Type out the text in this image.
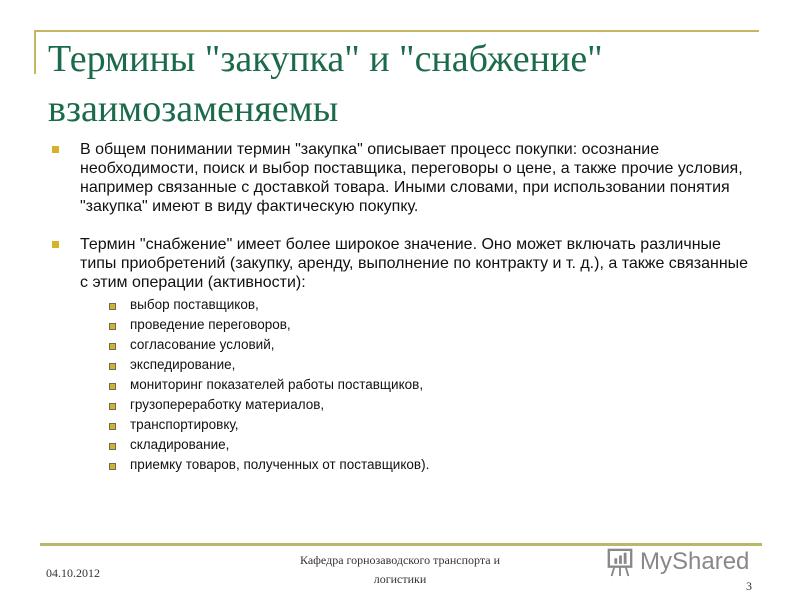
Термины "закупка" и "снабжение" взаимозаменяемы
В общем понимании термин "закупка" описывает процесс покупки: осознание необходимости, поиск и выбор поставщика, переговоры о цене, а также прочие условия, например связанные с доставкой товара. Иными словами, при использовании понятия "закупка" имеют в виду фактическую покупку.
Термин "снабжение" имеет более широкое значение. Оно может включать различные типы приобретений (закупку, аренду, выполнение по контракту и т. д.), а также связанные с этим операции (активности):
выбор поставщиков,
проведение переговоров,
согласование условий,
экспедирование,
мониторинг показателей работы поставщиков,
грузопереработку материалов,
транспортировку,
складирование,
приемку товаров, полученных от поставщиков).
04.10.2012
Кафедра горнозаводского транспорта и логистики	3
MyShared
